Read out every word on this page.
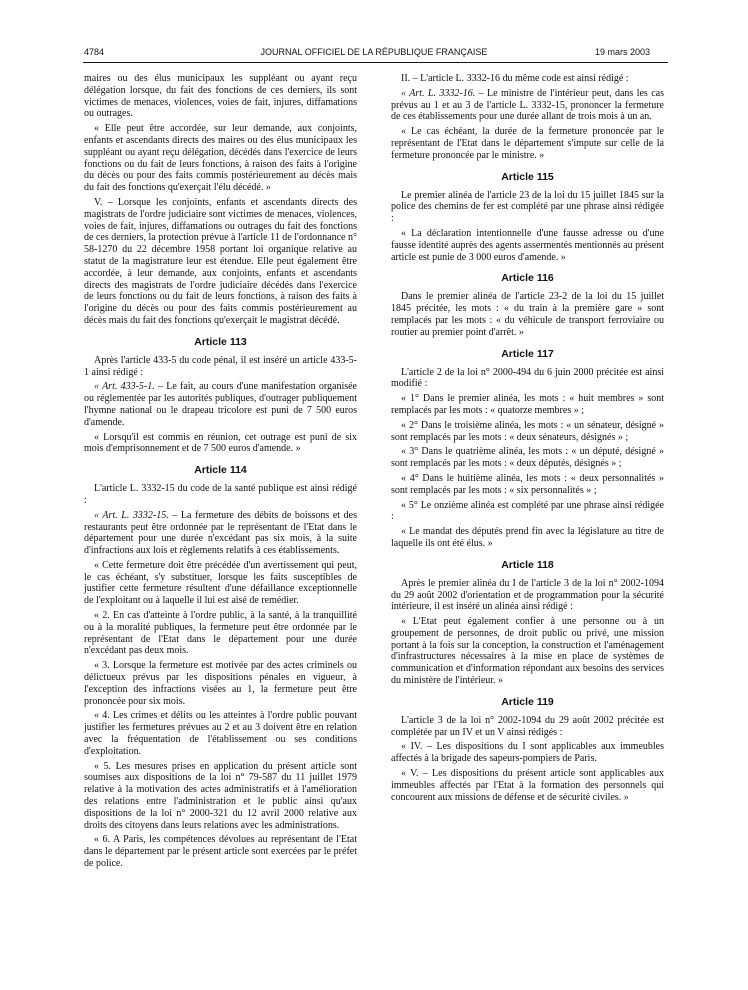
4784	JOURNAL OFFICIEL DE LA RÉPUBLIQUE FRANÇAISE	19 mars 2003

maires ou des élus municipaux les suppléant ou ayant reçu délégation lorsque, du fait des fonctions de ces derniers, ils sont victimes de menaces, violences, voies de fait, injures, diffamations ou outrages.

« Elle peut être accordée, sur leur demande, aux conjoints, enfants et ascendants directs des maires ou des élus municipaux les suppléant ou ayant reçu délégation, décédés dans l'exercice de leurs fonctions ou du fait de leurs fonctions, à raison des faits à l'origine du décès ou pour des faits commis postérieurement au décès mais du fait des fonctions qu'exerçait l'élu décédé. »

V. – Lorsque les conjoints, enfants et ascendants directs des magistrats de l'ordre judiciaire sont victimes de menaces, violences, voies de fait, injures, diffamations ou outrages du fait des fonctions de ces derniers, la protection prévue à l'article 11 de l'ordonnance n° 58-1270 du 22 décembre 1958 portant loi organique relative au statut de la magistrature leur est étendue. Elle peut également être accordée, à leur demande, aux conjoints, enfants et ascendants directs des magistrats de l'ordre judiciaire décédés dans l'exercice de leurs fonctions ou du fait de leurs fonctions, à raison des faits à l'origine du décès ou pour des faits commis postérieurement au décès mais du fait des fonctions qu'exerçait le magistrat décédé.

Article 113

Après l'article 433-5 du code pénal, il est inséré un article 433-5-1 ainsi rédigé :

« Art. 433-5-1. – Le fait, au cours d'une manifestation organisée ou réglementée par les autorités publiques, d'outrager publiquement l'hymne national ou le drapeau tricolore est puni de 7 500 euros d'amende.

« Lorsqu'il est commis en réunion, cet outrage est puni de six mois d'emprisonnement et de 7 500 euros d'amende. »

Article 114

L'article L. 3332-15 du code de la santé publique est ainsi rédigé :

« Art. L. 3332-15. – La fermeture des débits de boissons et des restaurants peut être ordonnée par le représentant de l'Etat dans le département pour une durée n'excédant pas six mois, à la suite d'infractions aux lois et règlements relatifs à ces établissements.

« Cette fermeture doit être précédée d'un avertissement qui peut, le cas échéant, s'y substituer, lorsque les faits susceptibles de justifier cette fermeture résultent d'une défaillance exceptionnelle de l'exploitant ou à laquelle il lui est aisé de remédier.

« 2. En cas d'atteinte à l'ordre public, à la santé, à la tranquillité ou à la moralité publiques, la fermeture peut être ordonnée par le représentant de l'Etat dans le département pour une durée n'excédant pas deux mois.

« 3. Lorsque la fermeture est motivée par des actes criminels ou délictueux prévus par les dispositions pénales en vigueur, à l'exception des infractions visées au 1, la fermeture peut être prononcée pour six mois.

« 4. Les crimes et délits ou les atteintes à l'ordre public pouvant justifier les fermetures prévues au 2 et au 3 doivent être en relation avec la fréquentation de l'établissement ou ses conditions d'exploitation.

« 5. Les mesures prises en application du présent article sont soumises aux dispositions de la loi n° 79-587 du 11 juillet 1979 relative à la motivation des actes administratifs et à l'amélioration des relations entre l'administration et le public ainsi qu'aux dispositions de la loi n° 2000-321 du 12 avril 2000 relative aux droits des citoyens dans leurs relations avec les administrations.

« 6. A Paris, les compétences dévolues au représentant de l'Etat dans le département par le présent article sont exercées par le préfet de police.

II. – L'article L. 3332-16 du même code est ainsi rédigé :

« Art. L. 3332-16. – Le ministre de l'intérieur peut, dans les cas prévus au 1 et au 3 de l'article L. 3332-15, prononcer la fermeture de ces établissements pour une durée allant de trois mois à un an.

« Le cas échéant, la durée de la fermeture prononcée par le représentant de l'Etat dans le département s'impute sur celle de la fermeture prononcée par le ministre. »

Article 115

Le premier alinéa de l'article 23 de la loi du 15 juillet 1845 sur la police des chemins de fer est complété par une phrase ainsi rédigée :

« La déclaration intentionnelle d'une fausse adresse ou d'une fausse identité auprès des agents assermentés mentionnés au présent article est punie de 3 000 euros d'amende. »

Article 116

Dans le premier alinéa de l'article 23-2 de la loi du 15 juillet 1845 précitée, les mots : « du train à la première gare » sont remplacés par les mots : « du véhicule de transport ferroviaire ou routier au premier point d'arrêt. »

Article 117

L'article 2 de la loi n° 2000-494 du 6 juin 2000 précitée est ainsi modifié :

« 1° Dans le premier alinéa, les mots : « huit membres » sont remplacés par les mots : « quatorze membres » ;

« 2° Dans le troisième alinéa, les mots : « un sénateur, désigné » sont remplacés par les mots : « deux sénateurs, désignés » ;

« 3° Dans le quatrième alinéa, les mots : « un député, désigné » sont remplacés par les mots : « deux députés, désignés » ;

« 4° Dans le huitième alinéa, les mots : « deux personnalités » sont remplacés par les mots : « six personnalités » ;

« 5° Le onzième alinéa est complété par une phrase ainsi rédigée :

« Le mandat des députés prend fin avec la législature au titre de laquelle ils ont été élus. »

Article 118

Après le premier alinéa du I de l'article 3 de la loi n° 2002-1094 du 29 août 2002 d'orientation et de programmation pour la sécurité intérieure, il est inséré un alinéa ainsi rédigé :

« L'Etat peut également confier à une personne ou à un groupement de personnes, de droit public ou privé, une mission portant à la fois sur la conception, la construction et l'aménagement d'infrastructures nécessaires à la mise en place de systèmes de communication et d'information répondant aux besoins des services du ministère de l'intérieur. »

Article 119

L'article 3 de la loi n° 2002-1094 du 29 août 2002 précitée est complétée par un IV et un V ainsi rédigés :

« IV. – Les dispositions du I sont applicables aux immeubles affectés à la brigade des sapeurs-pompiers de Paris.

« V. – Les dispositions du présent article sont applicables aux immeubles affectés par l'Etat à la formation des personnels qui concourent aux missions de défense et de sécurité civiles. »
